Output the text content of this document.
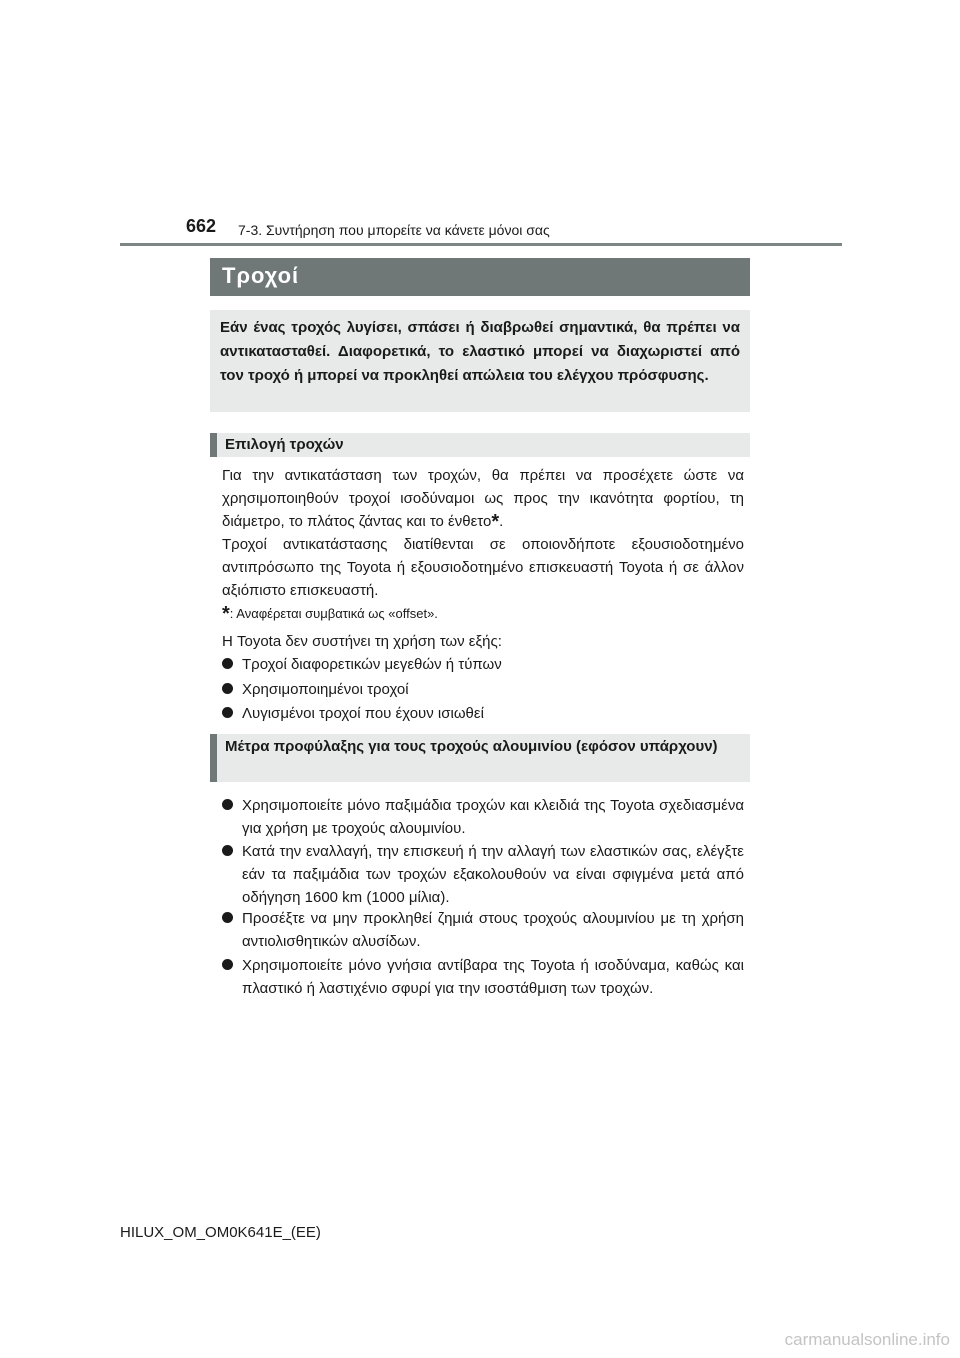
662 7-3. Συντήρηση που μπορείτε να κάνετε μόνοι σας
Τροχοί
Εάν ένας τροχός λυγίσει, σπάσει ή διαβρωθεί σημαντικά, θα πρέπει να αντικατασταθεί. Διαφορετικά, το ελαστικό μπορεί να διαχωριστεί από τον τροχό ή μπορεί να προκληθεί απώλεια του ελέγχου πρόσφυσης.
Επιλογή τροχών

Για την αντικατάσταση των τροχών, θα πρέπει να προσέχετε ώστε να χρησιμοποιηθούν τροχοί ισοδύναμοι ως προς την ικανότητα φορτίου, τη διάμετρο, το πλάτος ζάντας και το ένθετο*.

Τροχοί αντικατάστασης διατίθενται σε οποιονδήποτε εξουσιοδοτημένο αντιπρόσωπο της Toyota ή εξουσιοδοτημένο επισκευαστή Toyota ή σε άλλον αξιόπιστο επισκευαστή.

*: Αναφέρεται συμβατικά ως «offset».

Η Toyota δεν συστήνει τη χρήση των εξής:

Τροχοί διαφορετικών μεγεθών ή τύπων
Χρησιμοποιημένοι τροχοί
Λυγισμένοι τροχοί που έχουν ισιωθεί
Μέτρα προφύλαξης για τους τροχούς αλουμινίου (εφόσον υπάρχουν)
Χρησιμοποιείτε μόνο παξιμάδια τροχών και κλειδιά της Toyota σχεδιασμένα για χρήση με τροχούς αλουμινίου.
Κατά την εναλλαγή, την επισκευή ή την αλλαγή των ελαστικών σας, ελέγξτε εάν τα παξιμάδια των τροχών εξακολουθούν να είναι σφιγμένα μετά από οδήγηση 1600 km (1000 μίλια).
Προσέξτε να μην προκληθεί ζημιά στους τροχούς αλουμινίου με τη χρήση αντιολισθητικών αλυσίδων.
Χρησιμοποιείτε μόνο γνήσια αντίβαρα της Toyota ή ισοδύναμα, καθώς και πλαστικό ή λαστιχένιο σφυρί για την ισοστάθμιση των τροχών.
HILUX_OM_OM0K641E_(EE)
carmanualsonline.info
